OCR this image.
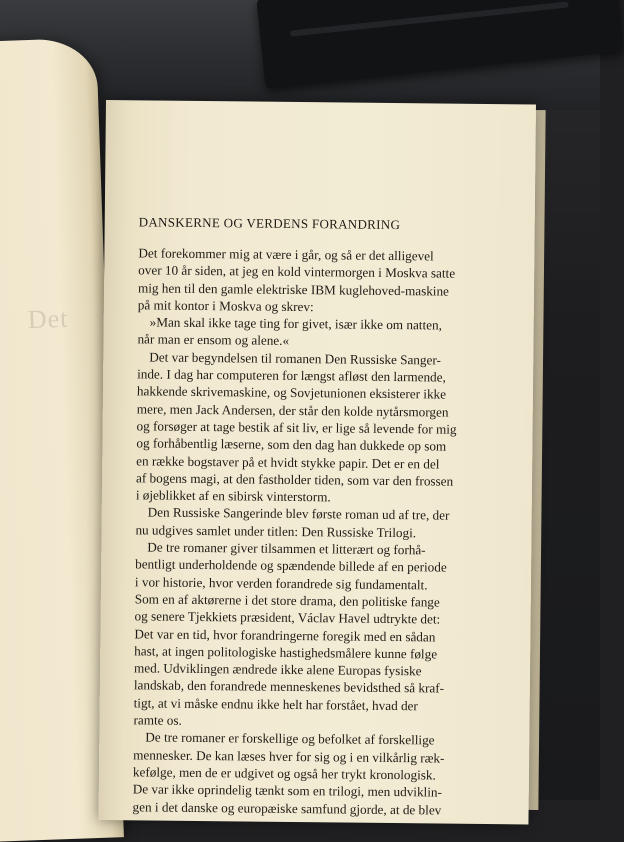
Det
DANSKERNE OG VERDENS FORANDRING
Det forekommer mig at være i går, og så er det alligevel
over 10 år siden, at jeg en kold vintermorgen i Moskva satte
mig hen til den gamle elektriske IBM kuglehoved-maskine
på mit kontor i Moskva og skrev:
»Man skal ikke tage ting for givet, især ikke om natten,
når man er ensom og alene.«
Det var begyndelsen til romanen Den Russiske Sanger-
inde. I dag har computeren for længst afløst den larmende,
hakkende skrivemaskine, og Sovjetunionen eksisterer ikke
mere, men Jack Andersen, der står den kolde nytårsmorgen
og forsøger at tage bestik af sit liv, er lige så levende for mig
og forhåbentlig læserne, som den dag han dukkede op som
en række bogstaver på et hvidt stykke papir. Det er en del
af bogens magi, at den fastholder tiden, som var den frossen
i øjeblikket af en sibirsk vinterstorm.
Den Russiske Sangerinde blev første roman ud af tre, der
nu udgives samlet under titlen: Den Russiske Trilogi.
De tre romaner giver tilsammen et litterært og forhå-
bentligt underholdende og spændende billede af en periode
i vor historie, hvor verden forandrede sig fundamentalt.
Som en af aktørerne i det store drama, den politiske fange
og senere Tjekkiets præsident, Václav Havel udtrykte det:
Det var en tid, hvor forandringerne foregik med en sådan
hast, at ingen politologiske hastighedsmålere kunne følge
med. Udviklingen ændrede ikke alene Europas fysiske
landskab, den forandrede menneskenes bevidsthed så kraf-
tigt, at vi måske endnu ikke helt har forstået, hvad der
ramte os.
De tre romaner er forskellige og befolket af forskellige
mennesker. De kan læses hver for sig og i en vilkårlig ræk-
kefølge, men de er udgivet og også her trykt kronologisk.
De var ikke oprindelig tænkt som en trilogi, men udviklin-
gen i det danske og europæiske samfund gjorde, at de blev
